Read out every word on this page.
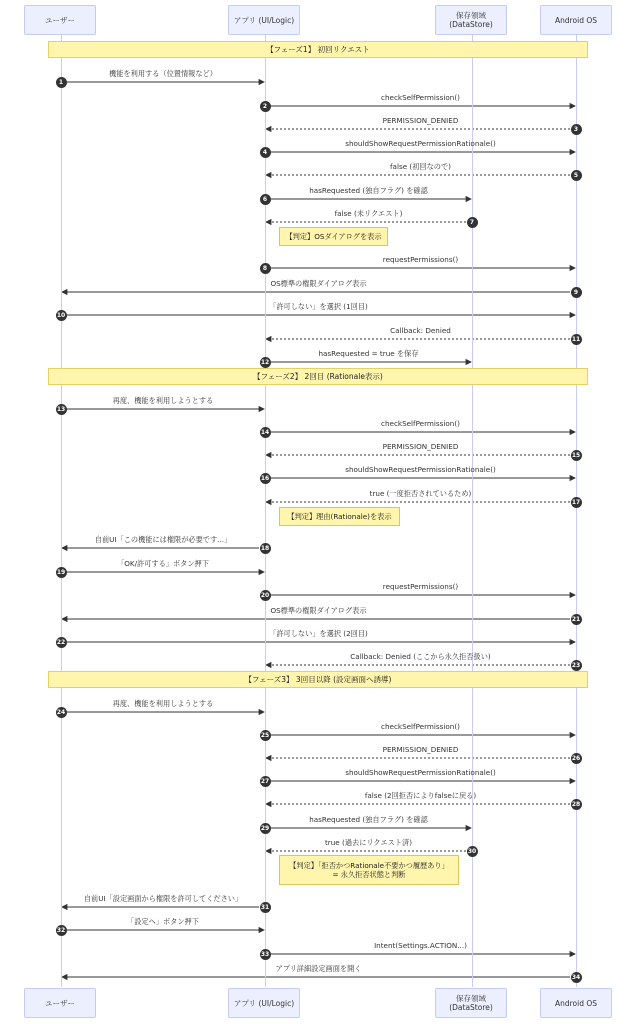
ユーザー	アプリ (UI/Logic)	保存領域
(DataStore)	Android OS
ユーザー	アプリ (UI/Logic)	保存領域
(DataStore)	Android OS
【フェーズ1】 初回リクエスト
【フェーズ2】 2回目 (Rationale表示)
【フェーズ3】 3回目以降 (設定画面へ誘導)
【判定】OSダイアログを表示
【判定】理由(Rationale)を表示
【判定】「拒否かつRationale不要かつ履歴あり」
= 永久拒否状態と判断
1
機能を利用する（位置情報など）
2
checkSelfPermission()
3
PERMISSION_DENIED
4
shouldShowRequestPermissionRationale()
5
false (初回なので)
6
hasRequested (独自フラグ) を確認
7
false (未リクエスト)
8
requestPermissions()
9
OS標準の権限ダイアログ表示
10
「許可しない」を選択 (1回目)
11
Callback: Denied
12
hasRequested = true を保存
13
再度、機能を利用しようとする
14
checkSelfPermission()
15
PERMISSION_DENIED
16
shouldShowRequestPermissionRationale()
17
true (一度拒否されているため)
18
自前UI「この機能には権限が必要です...」
19
「OK/許可する」ボタン押下
20
requestPermissions()
21
OS標準の権限ダイアログ表示
22
「許可しない」を選択 (2回目)
23
Callback: Denied (ここから永久拒否扱い)
24
再度、機能を利用しようとする
25
checkSelfPermission()
26
PERMISSION_DENIED
27
shouldShowRequestPermissionRationale()
28
false (2回拒否によりfalseに戻る)
29
hasRequested (独自フラグ) を確認
30
true (過去にリクエスト済)
31
自前UI「設定画面から権限を許可してください」
32
「設定へ」ボタン押下
33
Intent(Settings.ACTION...)
34
アプリ詳細設定画面を開く
